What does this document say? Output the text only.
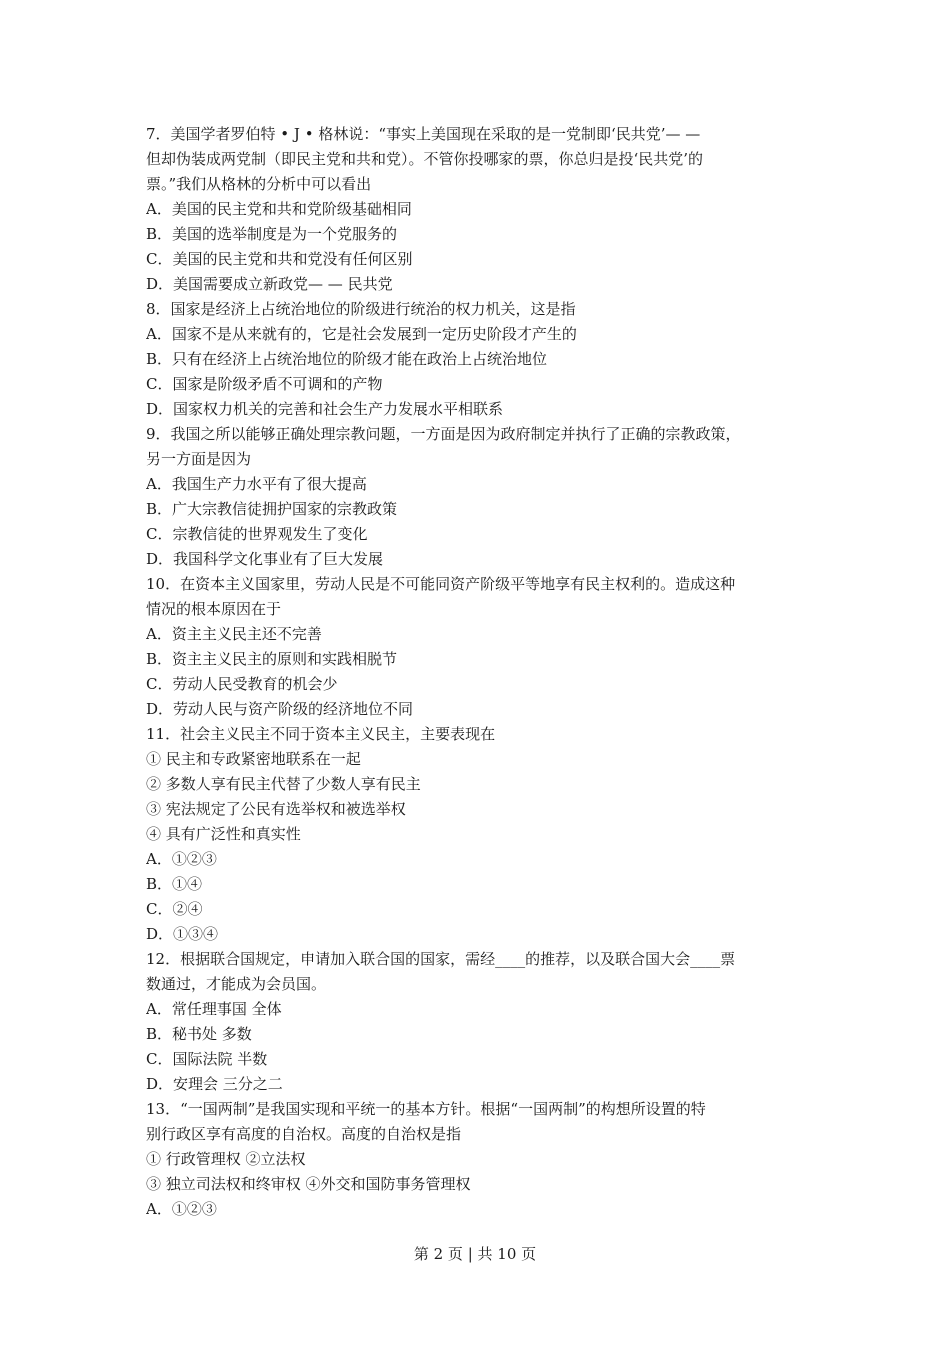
7．美国学者罗伯特 • J • 格林说：“事实上美国现在采取的是一党制即‘民共党’— —
但却伪装成两党制（即民主党和共和党）。不管你投哪家的票，你总归是投‘民共党’的
票。”我们从格林的分析中可以看出
A．美国的民主党和共和党阶级基础相同
B．美国的选举制度是为一个党服务的
C．美国的民主党和共和党没有任何区别
D．美国需要成立新政党— — 民共党
8．国家是经济上占统治地位的阶级进行统治的权力机关，这是指
A．国家不是从来就有的，它是社会发展到一定历史阶段才产生的
B．只有在经济上占统治地位的阶级才能在政治上占统治地位
C．国家是阶级矛盾不可调和的产物
D．国家权力机关的完善和社会生产力发展水平相联系
9．我国之所以能够正确处理宗教问题，一方面是因为政府制定并执行了正确的宗教政策，
另一方面是因为
A．我国生产力水平有了很大提高
B．广大宗教信徒拥护国家的宗教政策
C．宗教信徒的世界观发生了变化
D．我国科学文化事业有了巨大发展
10．在资本主义国家里，劳动人民是不可能同资产阶级平等地享有民主权利的。造成这种
情况的根本原因在于
A．资主主义民主还不完善
B．资主主义民主的原则和实践相脱节
C．劳动人民受教育的机会少
D．劳动人民与资产阶级的经济地位不同
11．社会主义民主不同于资本主义民主，主要表现在
① 民主和专政紧密地联系在一起
② 多数人享有民主代替了少数人享有民主
③ 宪法规定了公民有选举权和被选举权
④ 具有广泛性和真实性
A．①②③
B．①④
C．②④
D．①③④
12．根据联合国规定，申请加入联合国的国家，需经____的推荐，以及联合国大会____票
数通过，才能成为会员国。
A．常任理事国 全体
B．秘书处 多数
C．国际法院 半数
D．安理会 三分之二
13．“一国两制”是我国实现和平统一的基本方针。根据“一国两制”的构想所设置的特
别行政区享有高度的自治权。高度的自治权是指
① 行政管理权 ②立法权
③ 独立司法权和终审权 ④外交和国防事务管理权
A．①②③
第 2 页 | 共 10 页
